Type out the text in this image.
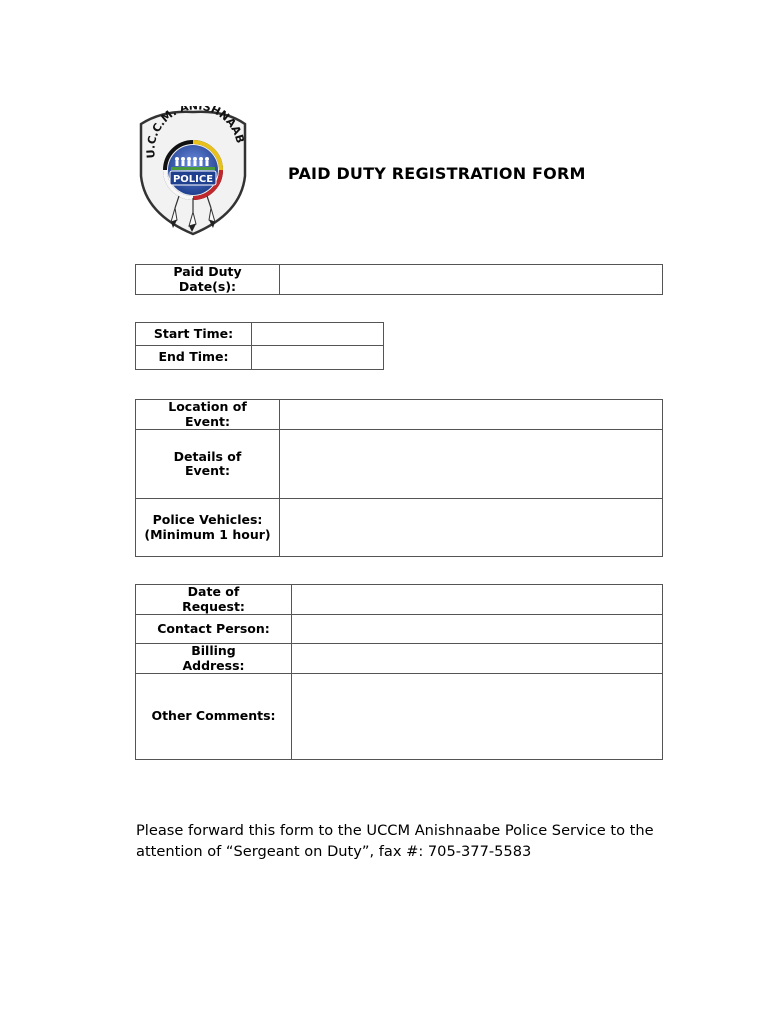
U.C.C.M. A ISHNAAB
POLICE	PAID DUTY REGISTRATION FORM
Paid Duty Date(s):	
Start Time:	
End Time:	
Location of Event:	
Details of Event:	
Police Vehicles: (Minimum 1 hour)	
Date of Request:	
Contact Person:	
Billing Address:	
Other Comments:	
Please forward this form to the UCCM Anishnaabe Police Service to the attention of “Sergeant on Duty”, fax #: 705-377-5583
